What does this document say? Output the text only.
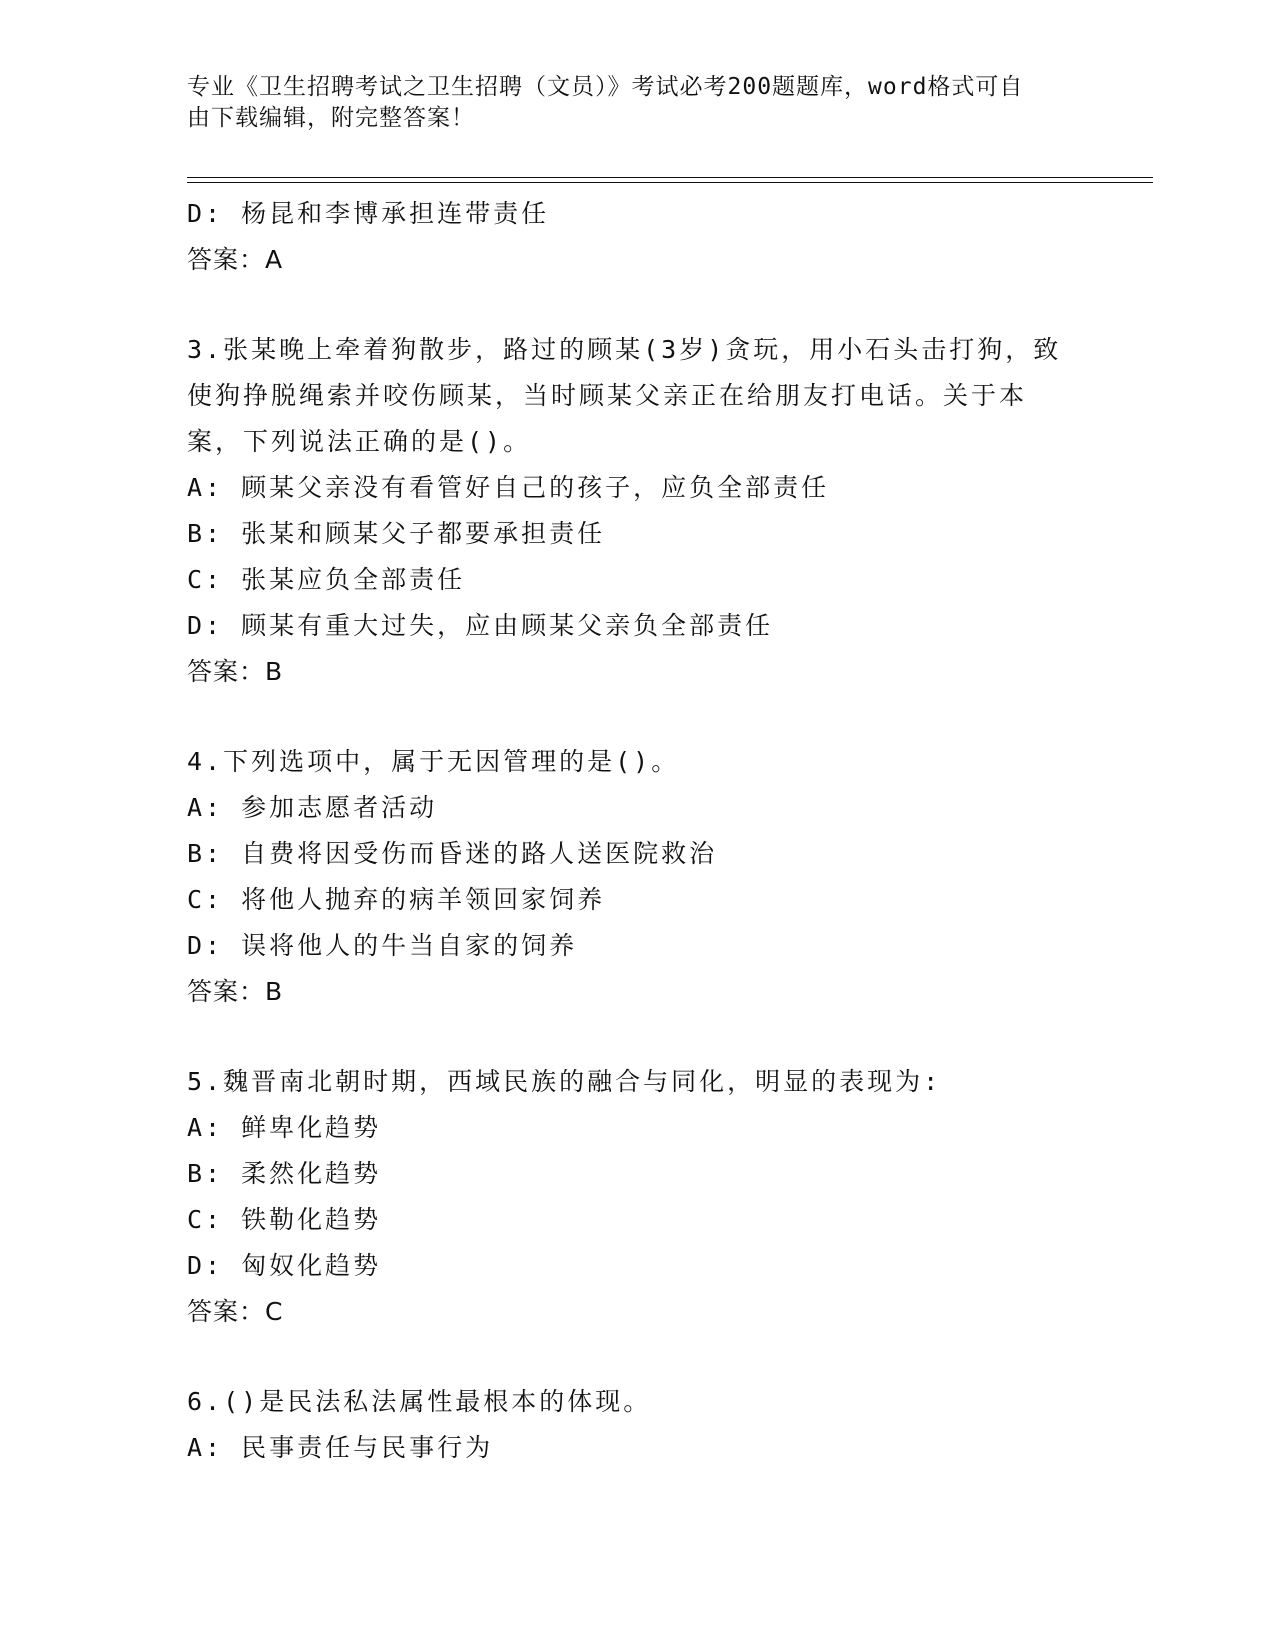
专业《卫生招聘考试之卫生招聘（文员）》考试必考200题题库，word格式可自
由下载编辑，附完整答案！
D: 杨昆和李博承担连带责任
答案：A
3.张某晚上牵着狗散步，路过的顾某(3岁)贪玩，用小石头击打狗，致
使狗挣脱绳索并咬伤顾某，当时顾某父亲正在给朋友打电话。关于本
案，下列说法正确的是()。
A: 顾某父亲没有看管好自己的孩子，应负全部责任
B: 张某和顾某父子都要承担责任
C: 张某应负全部责任
D: 顾某有重大过失，应由顾某父亲负全部责任
答案：B
4.下列选项中，属于无因管理的是()。
A: 参加志愿者活动
B: 自费将因受伤而昏迷的路人送医院救治
C: 将他人抛弃的病羊领回家饲养
D: 误将他人的牛当自家的饲养
答案：B
5.魏晋南北朝时期，西域民族的融合与同化，明显的表现为:
A: 鲜卑化趋势
B: 柔然化趋势
C: 铁勒化趋势
D: 匈奴化趋势
答案：C
6.()是民法私法属性最根本的体现。
A: 民事责任与民事行为
